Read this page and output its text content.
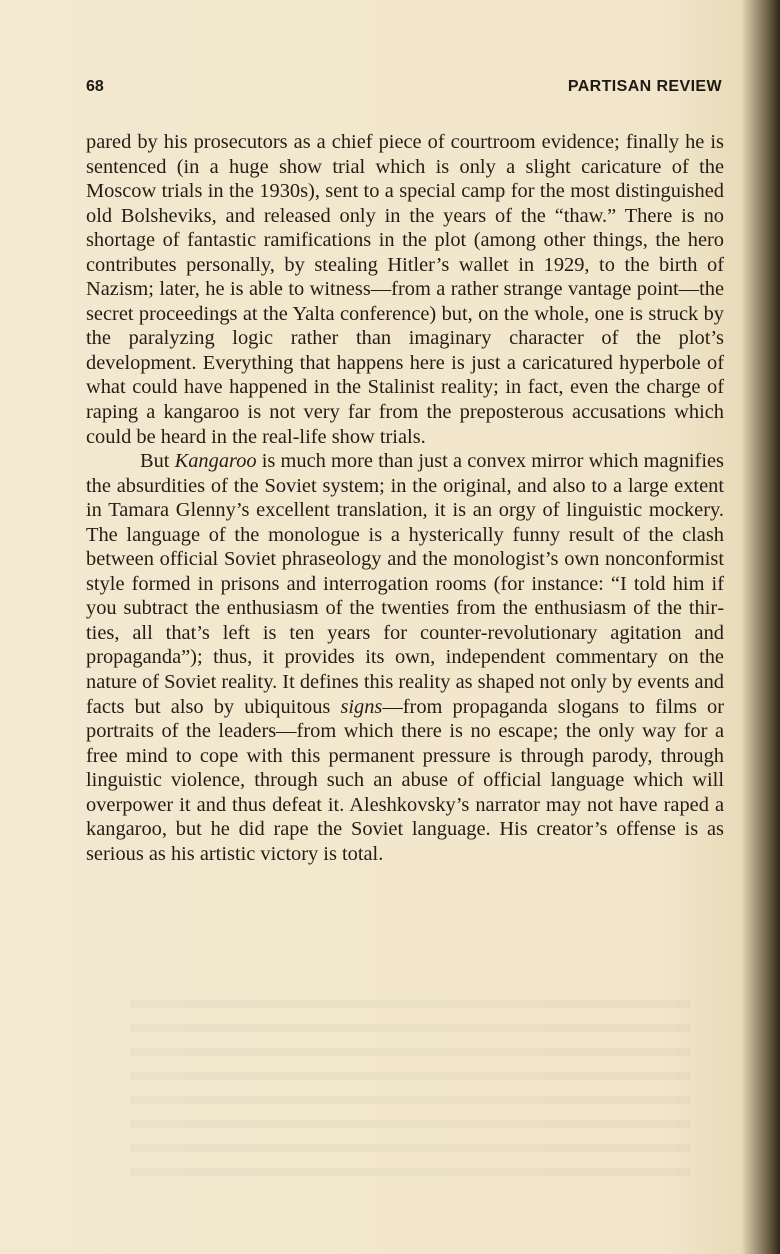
68	PARTISAN REVIEW

pared by his prosecutors as a chief piece of courtroom evidence; finally he is sentenced (in a huge show trial which is only a slight caricature of the Moscow trials in the 1930s), sent to a special camp for the most distinguished old Bolsheviks, and released only in the years of the “thaw.” There is no shortage of fantastic ramifications in the plot (among other things, the hero contributes personally, by stealing Hitler’s wallet in 1929, to the birth of Nazism; later, he is able to witness—from a rather strange vantage point—the secret proceedings at the Yalta conference) but, on the whole, one is struck by the paralyzing logic rather than imaginary character of the plot’s development. Everything that happens here is just a caricatured hyperbole of what could have happened in the Stalinist reality; in fact, even the charge of raping a kangaroo is not very far from the preposterous accusations which could be heard in the real-life show trials.

But Kangaroo is much more than just a convex mirror which magnifies the absurdities of the Soviet system; in the original, and also to a large extent in Tamara Glenny’s excellent translation, it is an orgy of linguistic mockery. The language of the monologue is a hysterically funny result of the clash between official Soviet phraseology and the monologist’s own nonconformist style formed in prisons and interrogation rooms (for instance: “I told him if you subtract the enthusiasm of the twenties from the enthusiasm of the thirties, all that’s left is ten years for counter-revolutionary agitation and propaganda”); thus, it provides its own, independent commentary on the nature of Soviet reality. It defines this reality as shaped not only by events and facts but also by ubiquitous signs—from propaganda slogans to films or portraits of the leaders—from which there is no escape; the only way for a free mind to cope with this permanent pressure is through parody, through linguistic violence, through such an abuse of official language which will overpower it and thus defeat it. Aleshkovsky’s narrator may not have raped a kangaroo, but he did rape the Soviet language. His creator’s offense is as serious as his artistic victory is total.
